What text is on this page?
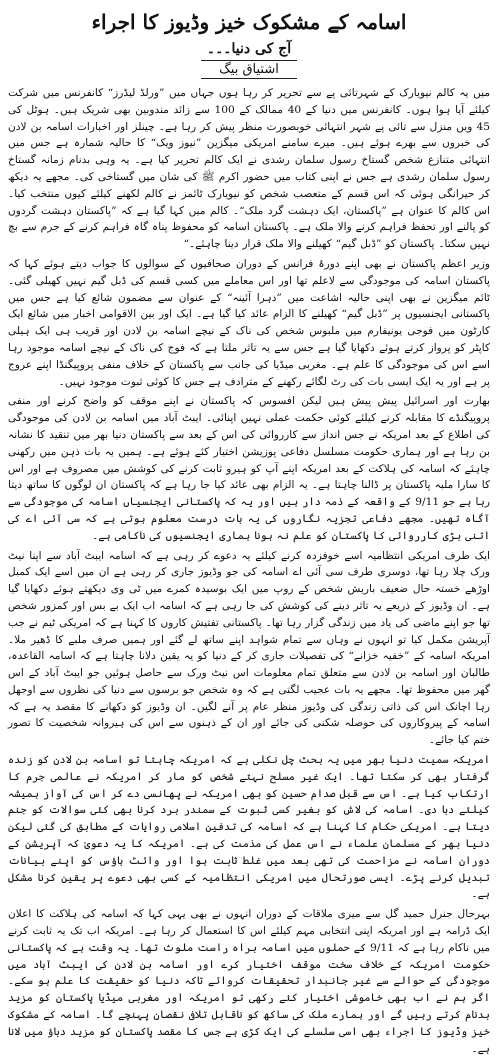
اسامہ کے مشکوک خیز وڈیوز کا اجراء
آج کی دنیا۔۔۔
اشتیاق بیگ

میں یہ کالم نیویارک کے شہرتائی پے سے تحریر کر رہا ہوں جہاں میں ”ورلڈ لیڈرز“ کانفرنس میں شرکت کیلئے آیا ہوا ہوں۔ کانفرنس میں دنیا کے 40 ممالک کے 100 سے زائد مندوبین بھی شریک ہیں۔ ہوٹل کی 45 ویں منزل سے تائی پے شہر انتہائی خوبصورت منظر پیش کر رہا ہے۔ چینلز اور اخبارات اسامہ بن لادن کی خبروں سے بھرے ہوئے ہیں۔ میرے سامنے امریکی میگزین ”نیوز ویک“ کا حالیہ شمارہ ہے جس میں انتہائی متنازع شخص گستاخ رسول سلمان رشدی نے ایک کالم تحریر کیا ہے۔ یہ وہی بدنام زمانہ گستاخ رسول سلمان رشدی ہے جس نے اپنی کتاب میں حضور اکرم ﷺ کی شان میں گستاخی کی۔ مجھے یہ دیکھ کر حیرانگی ہوئی کہ اس قسم کے متعصب شخص کو نیویارک ٹائمز نے کالم لکھنے کیلئے کیوں منتخب کیا۔ اس کالم کا عنوان ہے ”پاکستان، ایک دہشت گرد ملک“۔ کالم میں کہا گیا ہے کہ ”پاکستان دہشت گردوں کو پالنے اور تحفظ فراہم کرنے والا ملک ہے۔ پاکستان اسامہ کو محفوظ پناہ گاہ فراہم کرنے کے جرم سے بچ نہیں سکتا۔ پاکستان کو ”ڈبل گیم“ کھیلنے والا ملک قرار دینا چاہئے۔“

وزیر اعظم پاکستان نے بھی اپنے دورۂ فرانس کے دوران صحافیوں کے سوالوں کا جواب دیتے ہوئے کہا کہ پاکستان اسامہ کی موجودگی سے لاعلم تھا اور اس معاملے میں کسی قسم کی ڈبل گیم نہیں کھیلی گئی۔ ٹائم میگزین نے بھی اپنی حالیہ اشاعت میں ”دہرا آئینہ“ کے عنوان سے مضمون شائع کیا ہے جس میں پاکستانی ایجنسیوں پر ”ڈبل گیم“ کھیلنے کا الزام عائد کیا گیا ہے۔ ایک اور بین الاقوامی اخبار میں شائع ایک کارٹون میں فوجی یونیفارم میں ملبوس شخص کی ناک کے نیچے اسامہ بن لادن اور قریب ہی ایک ہیلی کاپٹر کو پرواز کرتے ہوئے دکھایا گیا ہے جس سے یہ تاثر ملتا ہے کہ فوج کی ناک کے نیچے اسامہ موجود رہا اسے اس کی موجودگی کا علم ہے۔ مغربی میڈیا کی جانب سے پاکستان کے خلاف منفی پروپیگنڈا اپنے عروج پر ہے اور یہ ایک ایسی بات کی رٹ لگائے رکھنے کے مترادف ہے جس کا کوئی ثبوت موجود نہیں۔

بھارت اور اسرائیل پیش پیش ہیں لیکن افسوس کہ پاکستان نے اپنے موقف کو واضح کرنے اور منفی پروپیگنڈے کا مقابلہ کرنے کیلئے کوئی حکمت عملی نہیں اپنائی۔ ایبٹ آباد میں اسامہ بن لادن کی موجودگی کی اطلاع کے بعد امریکہ نے جس انداز سے کارروائی کی اس کے بعد سے پاکستان دنیا بھر میں تنقید کا نشانہ بن رہا ہے اور ہماری حکومت مسلسل دفاعی پوزیشن اختیار کئے ہوئے ہے۔ ہمیں یہ بات ذہن میں رکھنی چاہئے کہ اسامہ کی ہلاکت کے بعد امریکہ اپنے آپ کو ہیرو ثابت کرنے کی کوشش میں مصروف ہے اور اس کا سارا ملبہ پاکستان پر ڈالنا چاہتا ہے۔ یہ الزام بھی عائد کیا جا رہا ہے کہ پاکستان ان لوگوں کا ساتھ دیتا رہا ہے جو 9/11 کے واقعہ کے ذمہ دار ہیں اور یہ کہ پاکستانی ایجنسیاں اسامہ کی موجودگی سے آگاہ تھیں۔ مجھے دفاعی تجزیہ نگاروں کی یہ بات درست معلوم ہوتی ہے کہ سی آئی اے کی اتنی بڑی کارروائی کا پاکستان کو علم نہ ہونا ہماری ایجنسیوں کی ناکامی ہے۔

ایک طرف امریکی انتظامیہ اسے خوفزدہ کرنے کیلئے یہ دعوے کر رہی ہے کہ اسامہ ایبٹ آباد سے اپنا نیٹ ورک چلا رہا تھا، دوسری طرف سی آئی اے اسامہ کی جو وڈیوز جاری کر رہی ہے ان میں اسے ایک کمبل اوڑھے خستہ حال ضعیف باریش شخص کے روپ میں ایک بوسیدہ کمرے میں ٹی وی دیکھتے ہوئے دکھایا گیا ہے۔ ان وڈیوز کے ذریعے یہ تاثر دینے کی کوشش کی جا رہی ہے کہ اسامہ اب ایک بے بس اور کمزور شخص تھا جو اپنے ماضی کی یاد میں زندگی گزار رہا تھا۔ پاکستانی تفتیش کاروں کا کہنا ہے کہ امریکی ٹیم نے جب آپریشن مکمل کیا تو انہوں نے وہاں سے تمام شواہد اپنے ساتھ لے گئے اور ہمیں صرف ملبے کا ڈھیر ملا۔ امریکہ اسامہ کے ”خفیہ خزانے“ کی تفصیلات جاری کر کے دنیا کو یہ یقین دلانا چاہتا ہے کہ اسامہ القاعدہ، طالبان اور اسامہ بن لادن سے متعلق تمام معلومات اس نیٹ ورک سے حاصل ہوئیں جو ایبٹ آباد کے اس گھر میں محفوظ تھا۔ مجھے یہ بات عجیب لگتی ہے کہ وہ شخص جو برسوں سے دنیا کی نظروں سے اوجھل رہا اچانک اس کی ذاتی زندگی کی وڈیوز منظر عام پر آنے لگیں۔ ان وڈیوز کو دکھانے کا مقصد یہ ہے کہ اسامہ کے پیروکاروں کی حوصلہ شکنی کی جائے اور ان کے ذہنوں سے اس کی ہیروانہ شخصیت کا تصور ختم کیا جائے۔

امریکہ سمیت دنیا بھر میں یہ بحث چل نکلی ہے کہ امریکہ چاہتا تو اسامہ بن لادن کو زندہ گرفتار بھی کر سکتا تھا۔ ایک غیر مسلح نہتے شخص کو مار کر امریکہ نے عالمی جرم کا ارتکاب کیا ہے۔ اس سے قبل صدام حسین کو بھی امریکہ نے پھانسی دے کر اس کی آواز ہمیشہ کیلئے دبا دی۔ اسامہ کی لاش کو بغیر کسی ثبوت کے سمندر برد کرنا بھی کئی سوالات کو جنم دیتا ہے۔ امریکی حکام کا کہنا ہے کہ اسامہ کی تدفین اسلامی روایات کے مطابق کی گئی لیکن دنیا بھر کے مسلمان علماء نے اس عمل کی مذمت کی ہے۔ امریکہ کا یہ دعویٰ کہ آپریشن کے دوران اسامہ نے مزاحمت کی تھی بعد میں غلط ثابت ہوا اور وائٹ ہاؤس کو اپنے بیانات تبدیل کرنے پڑے۔ ایسی صورتحال میں امریکی انتظامیہ کے کسی بھی دعوے پر یقین کرنا مشکل ہے۔

بہرحال جنرل حمید گل سے میری ملاقات کے دوران انہوں نے بھی یہی کہا کہ اسامہ کی ہلاکت کا اعلان ایک ڈرامہ ہے اور امریکہ اپنی انتخابی مہم کیلئے اس کا استعمال کر رہا ہے۔ امریکہ اب تک یہ ثابت کرنے میں ناکام رہا ہے کہ 9/11 کے حملوں میں اسامہ براہ راست ملوث تھا۔ یہ وقت ہے کہ پاکستانی حکومت امریکہ کے خلاف سخت موقف اختیار کرے اور اسامہ بن لادن کی ایبٹ آباد میں موجودگی کے حوالے سے غیر جانبدار تحقیقات کروائے تاکہ دنیا کو حقیقت کا علم ہو سکے۔ اگر ہم نے اب بھی خاموشی اختیار کئے رکھی تو امریکہ اور مغربی میڈیا پاکستان کو مزید بدنام کرتے رہیں گے اور ہمارے ملک کی ساکھ کو ناقابل تلافی نقصان پہنچے گا۔ اسامہ کے مشکوک خیز وڈیوز کا اجراء بھی اسی سلسلے کی ایک کڑی ہے جس کا مقصد پاکستان کو مزید دباؤ میں لانا ہے۔
